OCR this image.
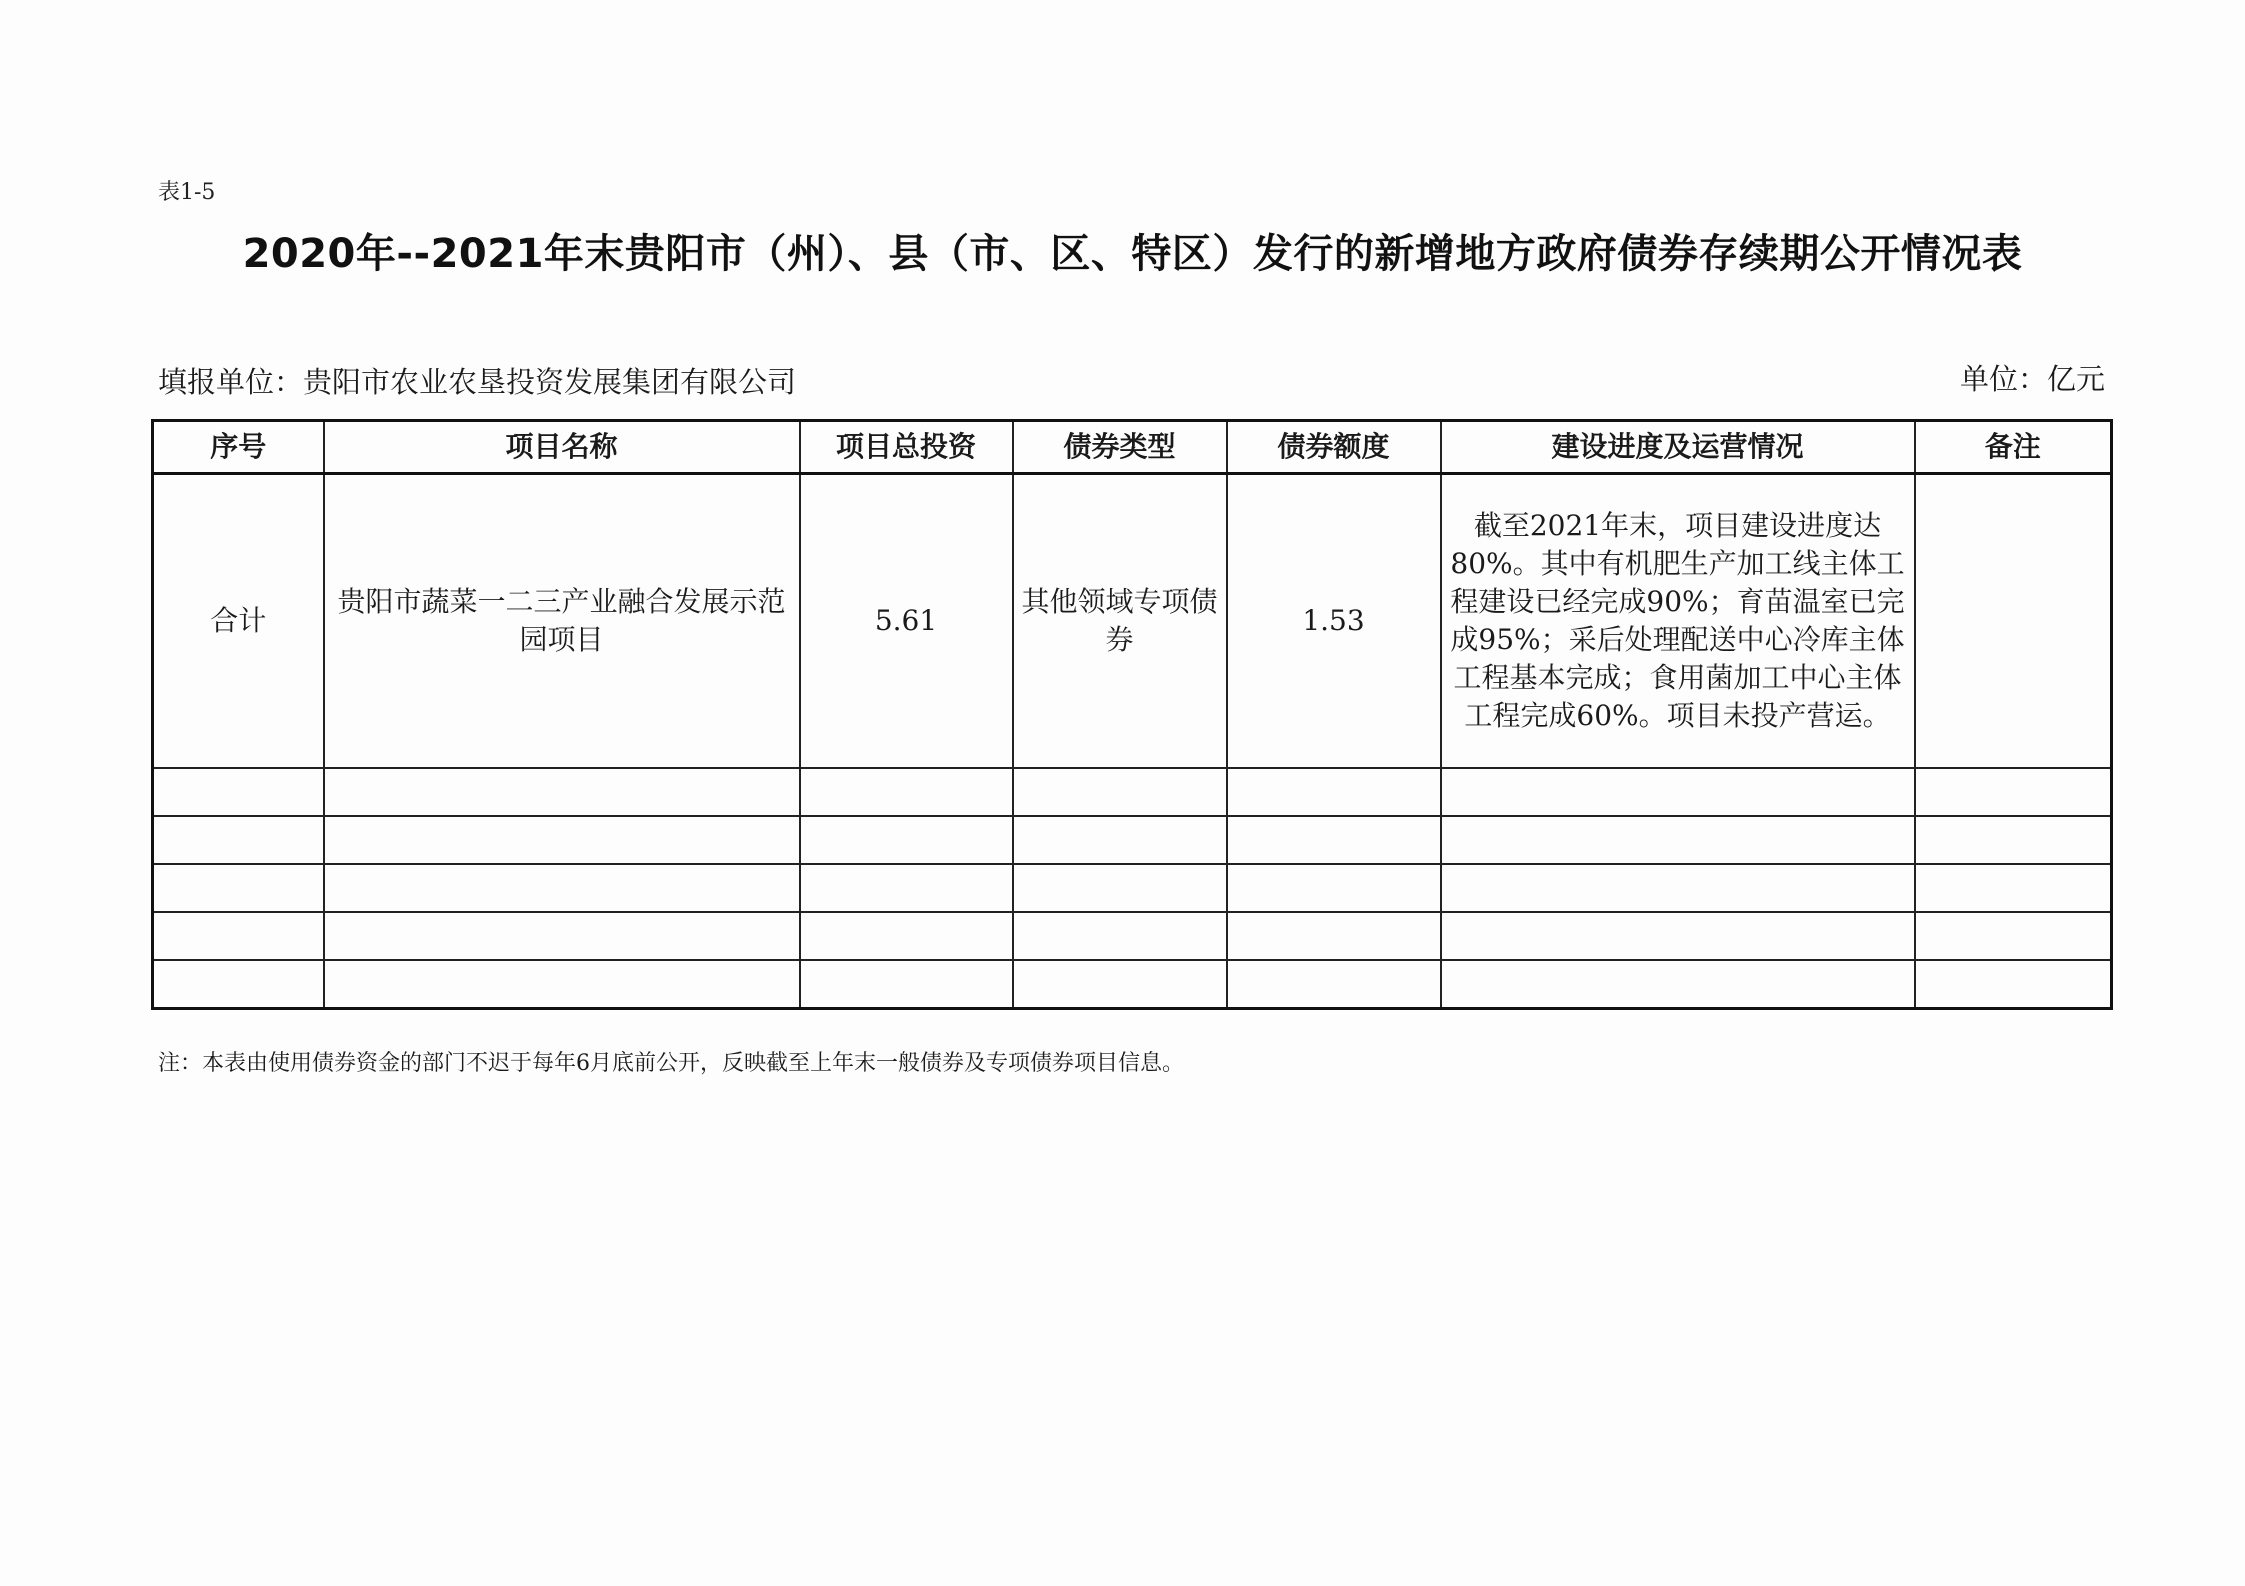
表1-5
2020年--2021年末贵阳市（州）、县（市、区、特区）发行的新增地方政府债券存续期公开情况表
填报单位：贵阳市农业农垦投资发展集团有限公司	单位：亿元
序号	项目名称	项目总投资	债券类型	债券额度	建设进度及运营情况	备注
合计	贵阳市蔬菜一二三产业融合发展示范园项目	5.61	其他领域专项债券	1.53	截至2021年末，项目建设进度达80%。其中有机肥生产加工线主体工程建设已经完成90%；育苗温室已完成95%；采后处理配送中心冷库主体工程基本完成；食用菌加工中心主体工程完成60%。项目未投产营运。	

注：本表由使用债券资金的部门不迟于每年6月底前公开，反映截至上年末一般债券及专项债券项目信息。
